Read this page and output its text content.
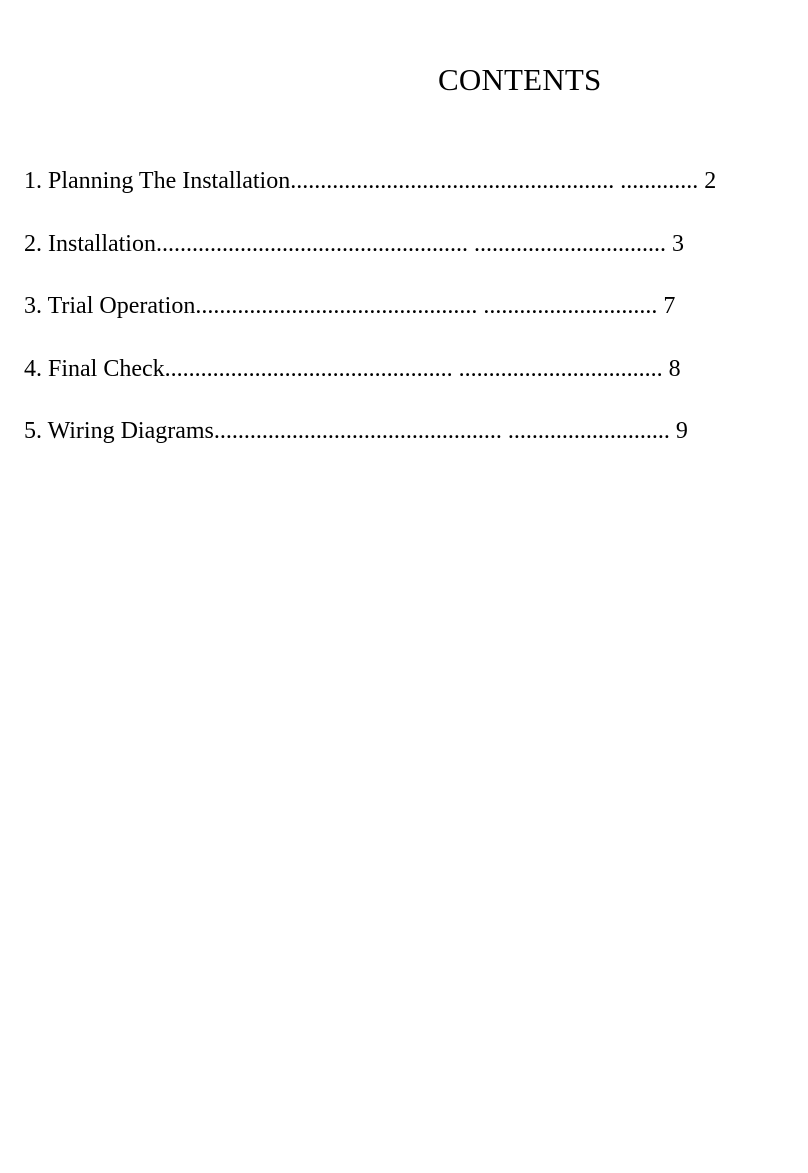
CONTENTS
1. Planning The Installation...................................................... ............. 2
2. Installation.................................................... ................................ 3
3. Trial Operation............................................... ............................. 7
4. Final Check................................................ .................................. 8
5. Wiring Diagrams................................................ ........................... 9
